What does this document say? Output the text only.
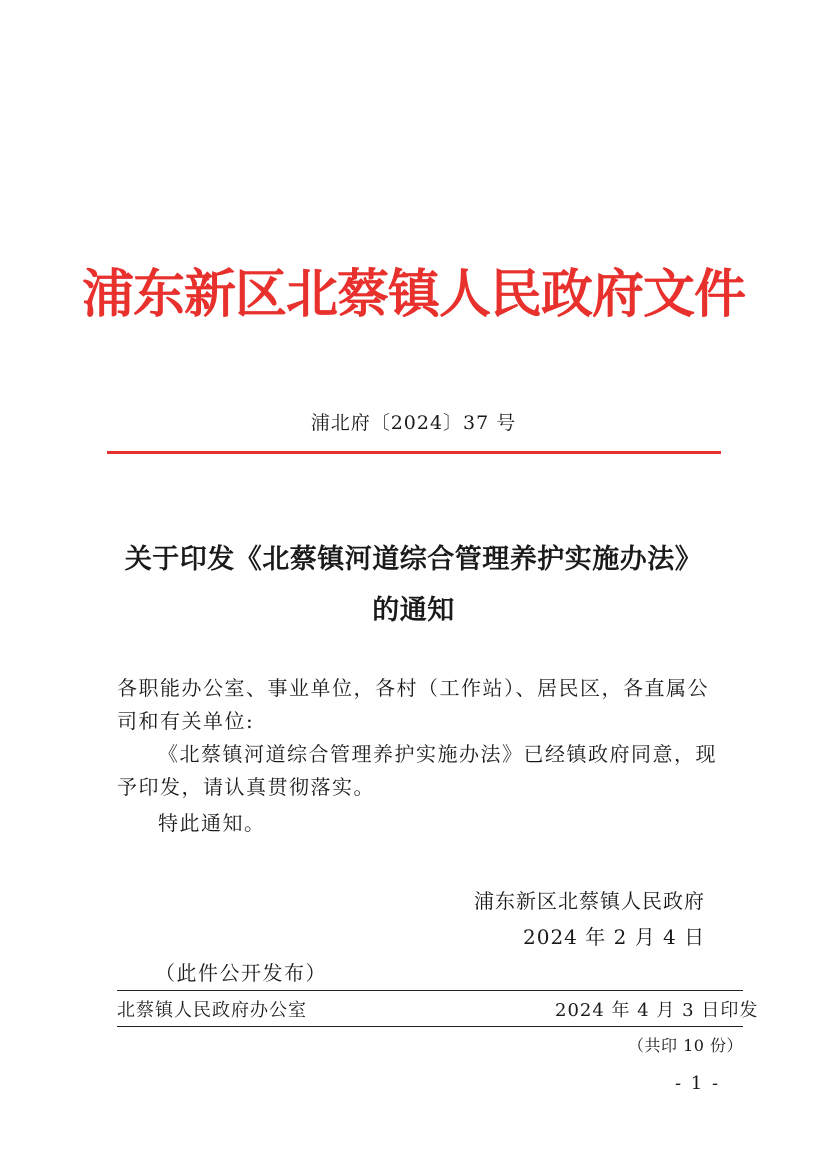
浦东新区北蔡镇人民政府文件
浦北府〔2024〕37 号
关于印发《北蔡镇河道综合管理养护实施办法》
的通知
各职能办公室、事业单位，各村（工作站）、居民区，各直属公
司和有关单位:
《北蔡镇河道综合管理养护实施办法》已经镇政府同意，现
予印发，请认真贯彻落实。
特此通知。
浦东新区北蔡镇人民政府
2024 年 2 月 4 日
（此件公开发布）
北蔡镇人民政府办公室	2024 年 4 月 3 日印发
（共印 10 份）
- 1 -
